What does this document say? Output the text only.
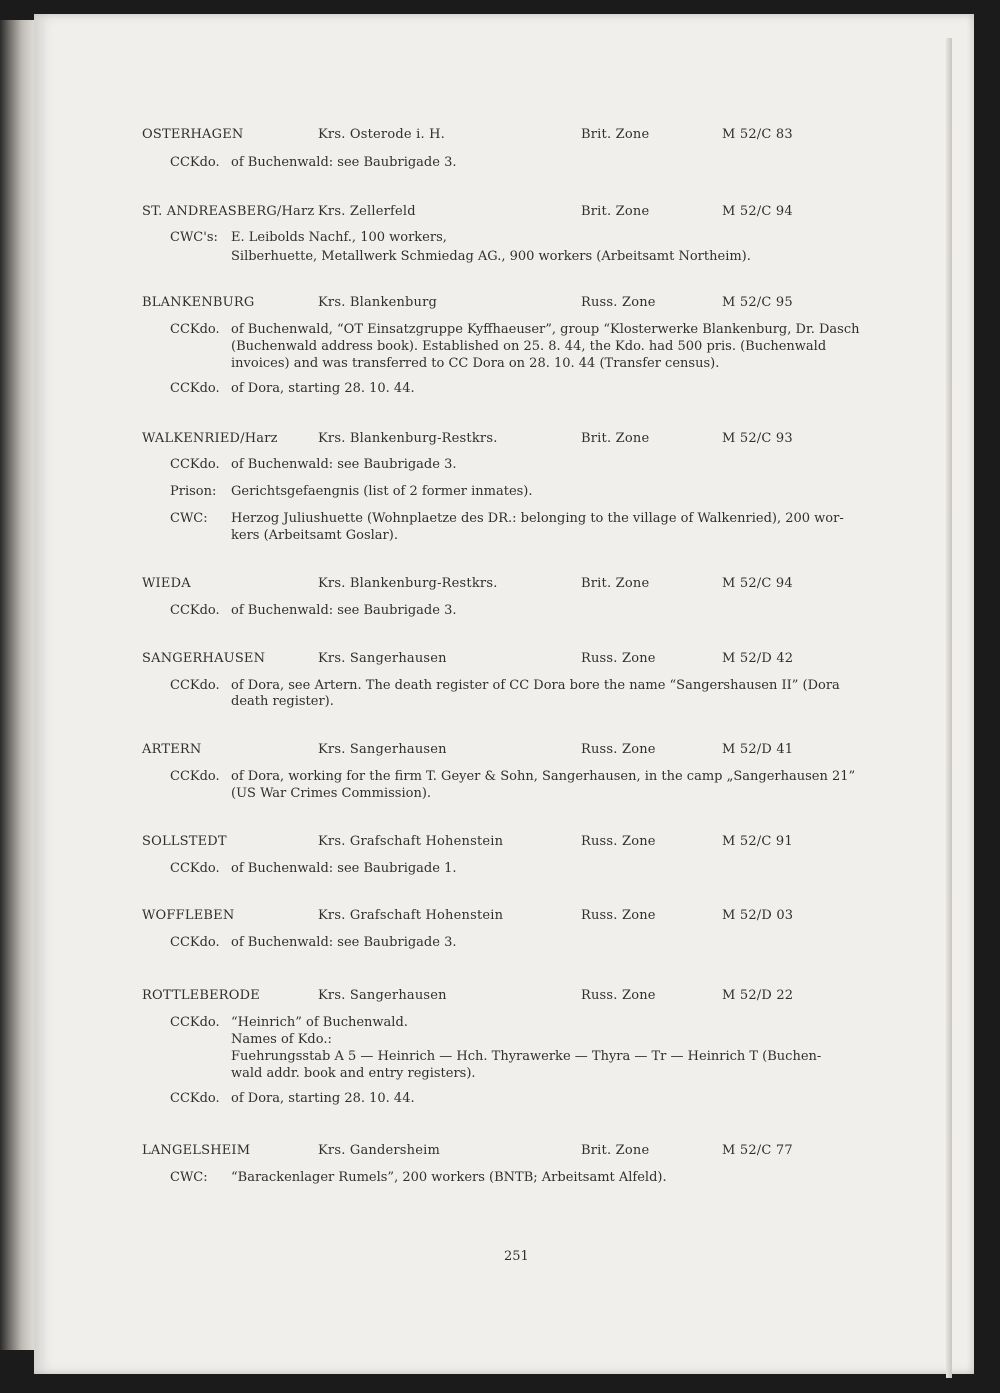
OSTERHAGEN	Krs. Osterode i. H.	Brit. Zone	M 52/C 83
CCKdo. of Buchenwald: see Baubrigade 3.
ST. ANDREASBERG/Harz Krs. Zellerfeld	Brit. Zone	M 52/C 94
CWC's: E. Leibolds Nachf., 100 workers,
Silberhuette, Metallwerk Schmiedag AG., 900 workers (Arbeitsamt Northeim).
BLANKENBURG	Krs. Blankenburg	Russ. Zone	M 52/C 95
CCKdo. of Buchenwald, “OT Einsatzgruppe Kyffhaeuser”, group “Klosterwerke Blankenburg, Dr. Dasch
(Buchenwald address book). Established on 25. 8. 44, the Kdo. had 500 pris. (Buchenwald
invoices) and was transferred to CC Dora on 28. 10. 44 (Transfer census).
CCKdo. of Dora, starting 28. 10. 44.
WALKENRIED/Harz	Krs. Blankenburg-Restkrs.	Brit. Zone	M 52/C 93
CCKdo. of Buchenwald: see Baubrigade 3.
Prison: Gerichtsgefaengnis (list of 2 former inmates).
CWC: Herzog Juliushuette (Wohnplaetze des DR.: belonging to the village of Walkenried), 200 wor-
kers (Arbeitsamt Goslar).
WIEDA	Krs. Blankenburg-Restkrs.	Brit. Zone	M 52/C 94
CCKdo. of Buchenwald: see Baubrigade 3.
SANGERHAUSEN	Krs. Sangerhausen	Russ. Zone	M 52/D 42
CCKdo. of Dora, see Artern. The death register of CC Dora bore the name “Sangershausen II” (Dora
death register).
ARTERN	Krs. Sangerhausen	Russ. Zone	M 52/D 41
CCKdo. of Dora, working for the firm T. Geyer & Sohn, Sangerhausen, in the camp „Sangerhausen 21”
(US War Crimes Commission).
SOLLSTEDT	Krs. Grafschaft Hohenstein	Russ. Zone	M 52/C 91
CCKdo. of Buchenwald: see Baubrigade 1.
WOFFLEBEN	Krs. Grafschaft Hohenstein	Russ. Zone	M 52/D 03
CCKdo. of Buchenwald: see Baubrigade 3.
ROTTLEBERODE	Krs. Sangerhausen	Russ. Zone	M 52/D 22
CCKdo. “Heinrich” of Buchenwald.
Names of Kdo.:
Fuehrungsstab A 5 — Heinrich — Hch. Thyrawerke — Thyra — Tr — Heinrich T (Buchen-
wald addr. book and entry registers).
CCKdo. of Dora, starting 28. 10. 44.
LANGELSHEIM	Krs. Gandersheim	Brit. Zone	M 52/C 77
CWC: “Barackenlager Rumels”, 200 workers (BNTB; Arbeitsamt Alfeld).
251
